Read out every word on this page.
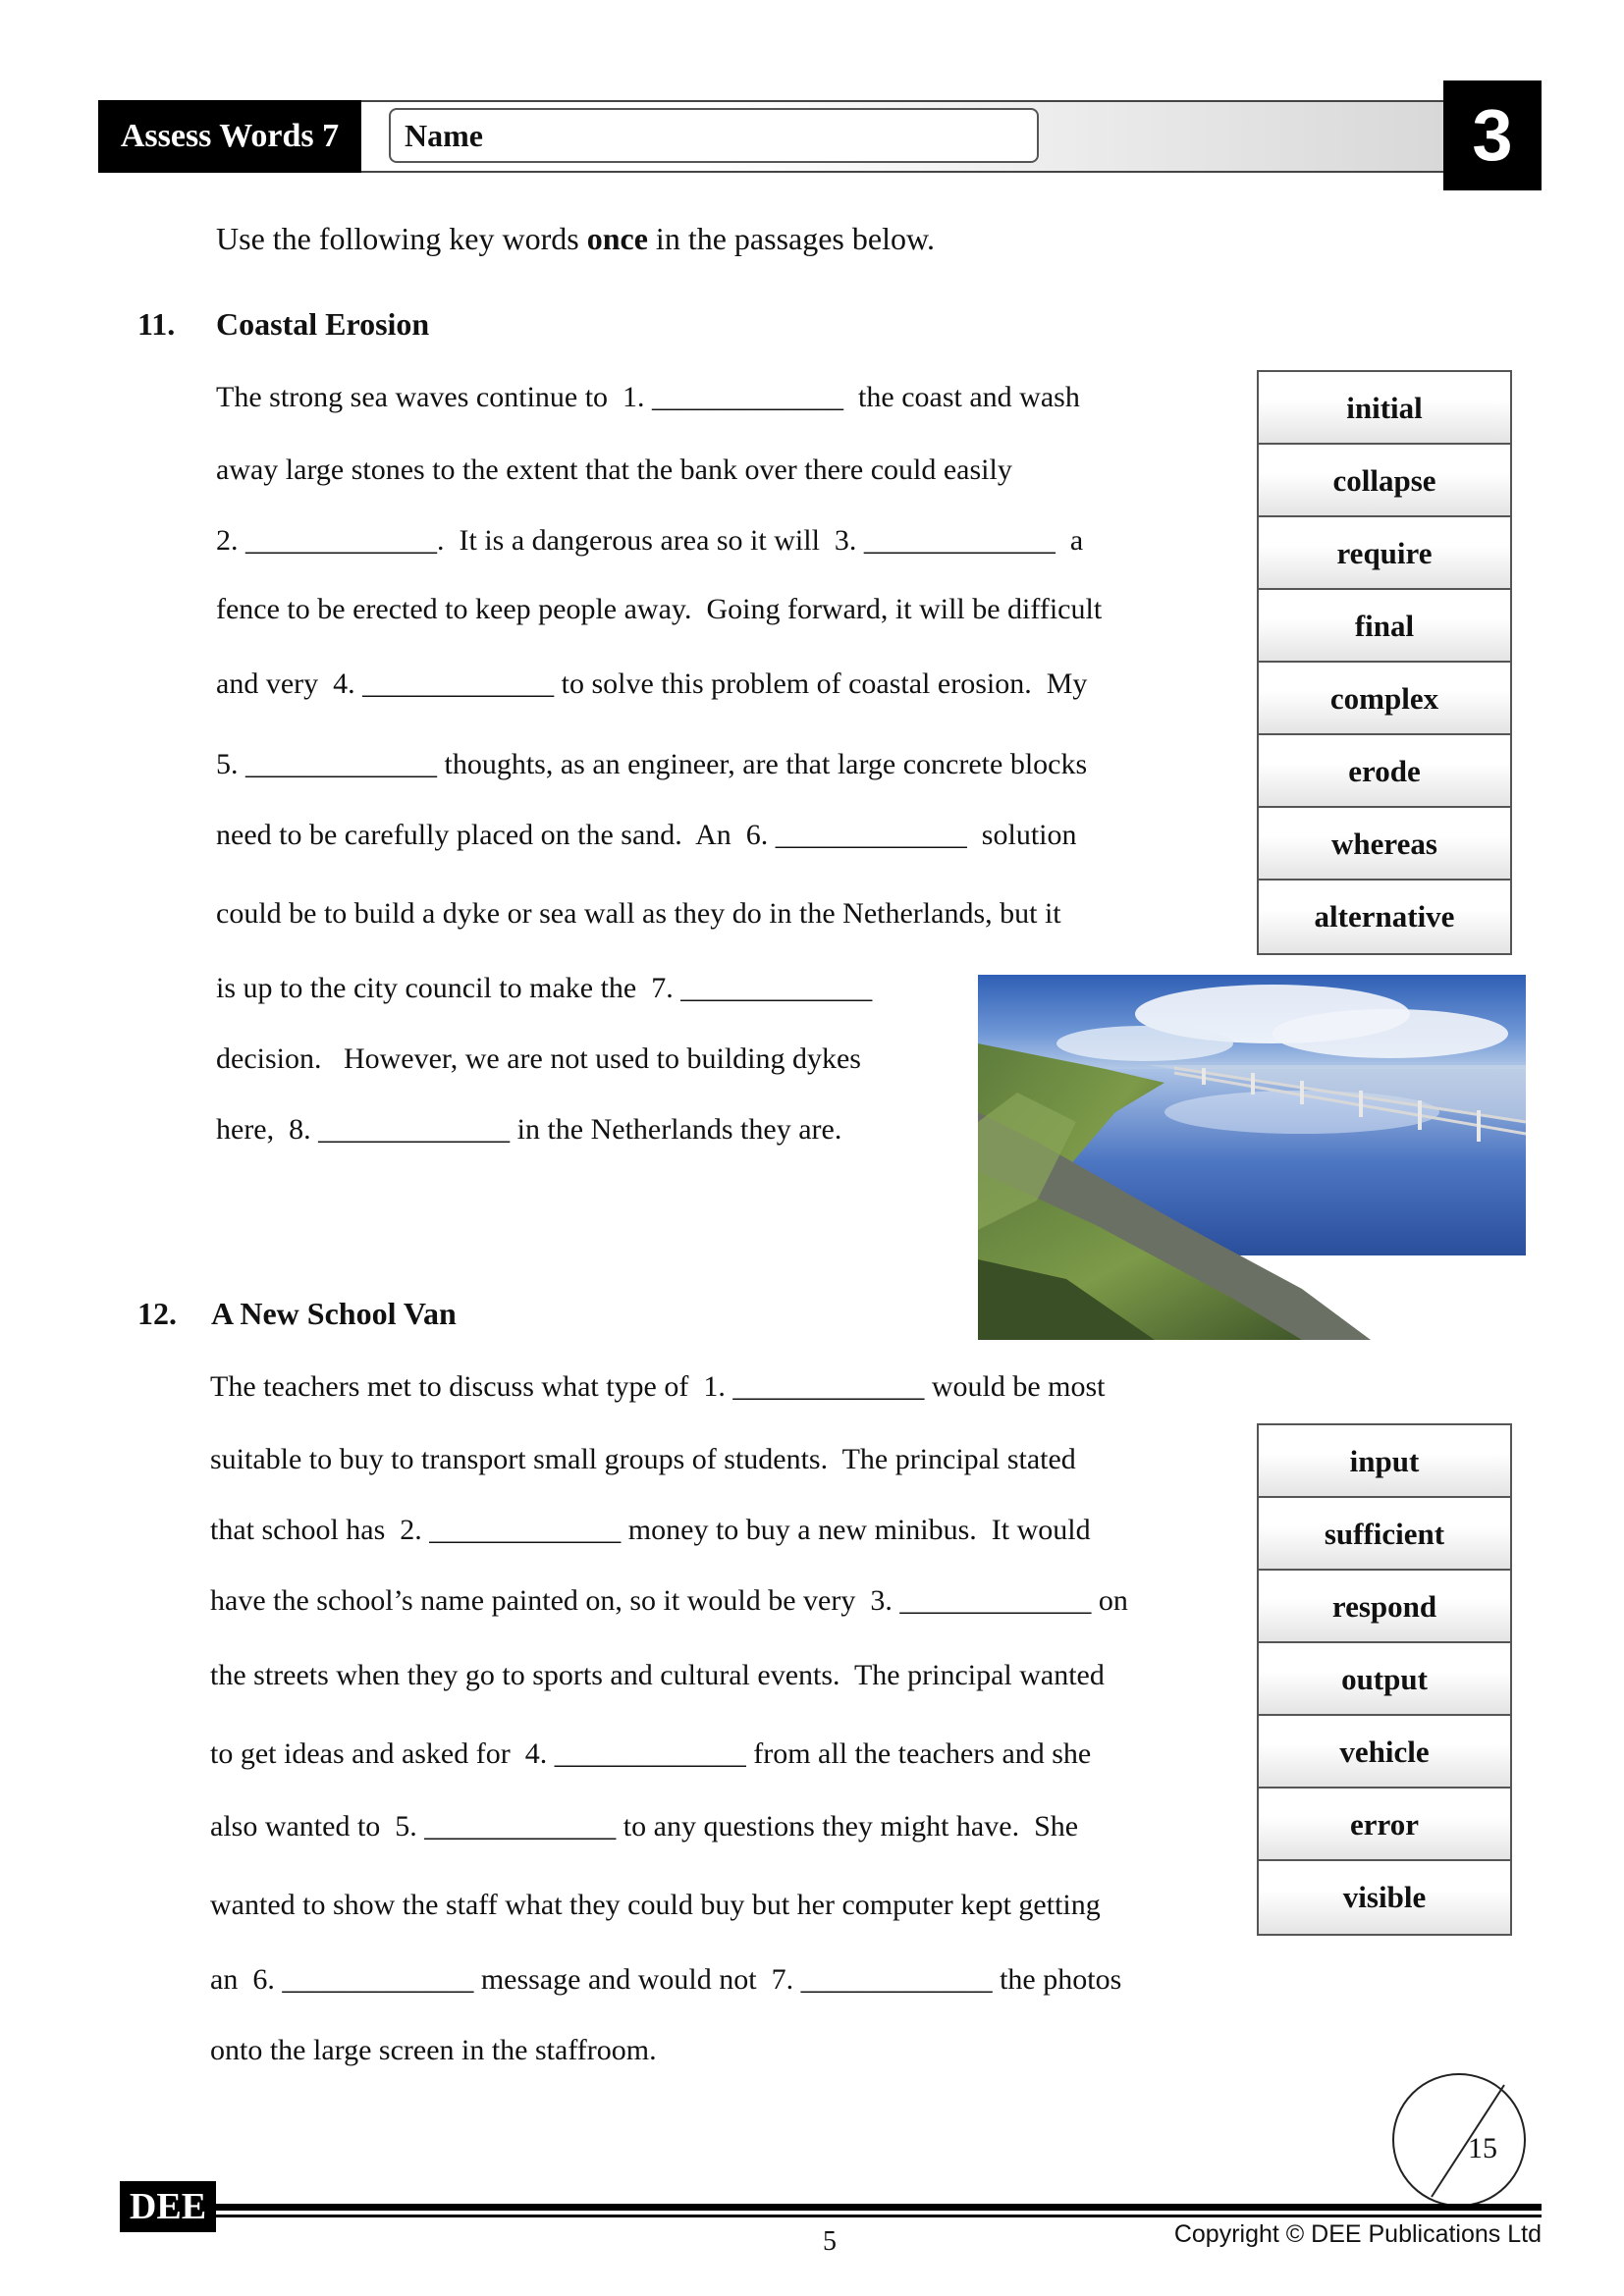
Assess Words 7	Name	3
Use the following key words once in the passages below.
11. Coastal Erosion
The strong sea waves continue to  1. _____________  the coast and wash
away large stones to the extent that the bank over there could easily
2. _____________.  It is a dangerous area so it will  3. _____________  a
fence to be erected to keep people away.  Going forward, it will be difficult
and very  4. _____________ to solve this problem of coastal erosion.  My
5. _____________ thoughts, as an engineer, are that large concrete blocks
need to be carefully placed on the sand.  An  6. _____________  solution
could be to build a dyke or sea wall as they do in the Netherlands, but it
is up to the city council to make the  7. _____________
decision.   However, we are not used to building dykes
here,  8. _____________ in the Netherlands they are.
initial
collapse
require
final
complex
erode
whereas
alternative
12. A New School Van
The teachers met to discuss what type of  1. _____________ would be most
suitable to buy to transport small groups of students.  The principal stated
that school has  2. _____________ money to buy a new minibus.  It would
have the school’s name painted on, so it would be very  3. _____________ on
the streets when they go to sports and cultural events.  The principal wanted
to get ideas and asked for  4. _____________ from all the teachers and she
also wanted to  5. _____________ to any questions they might have.  She
wanted to show the staff what they could buy but her computer kept getting
an  6. _____________ message and would not  7. _____________ the photos
onto the large screen in the staffroom.
input
sufficient
respond
output
vehicle
error
visible
15
DEE
5	Copyright © DEE Publications Ltd
